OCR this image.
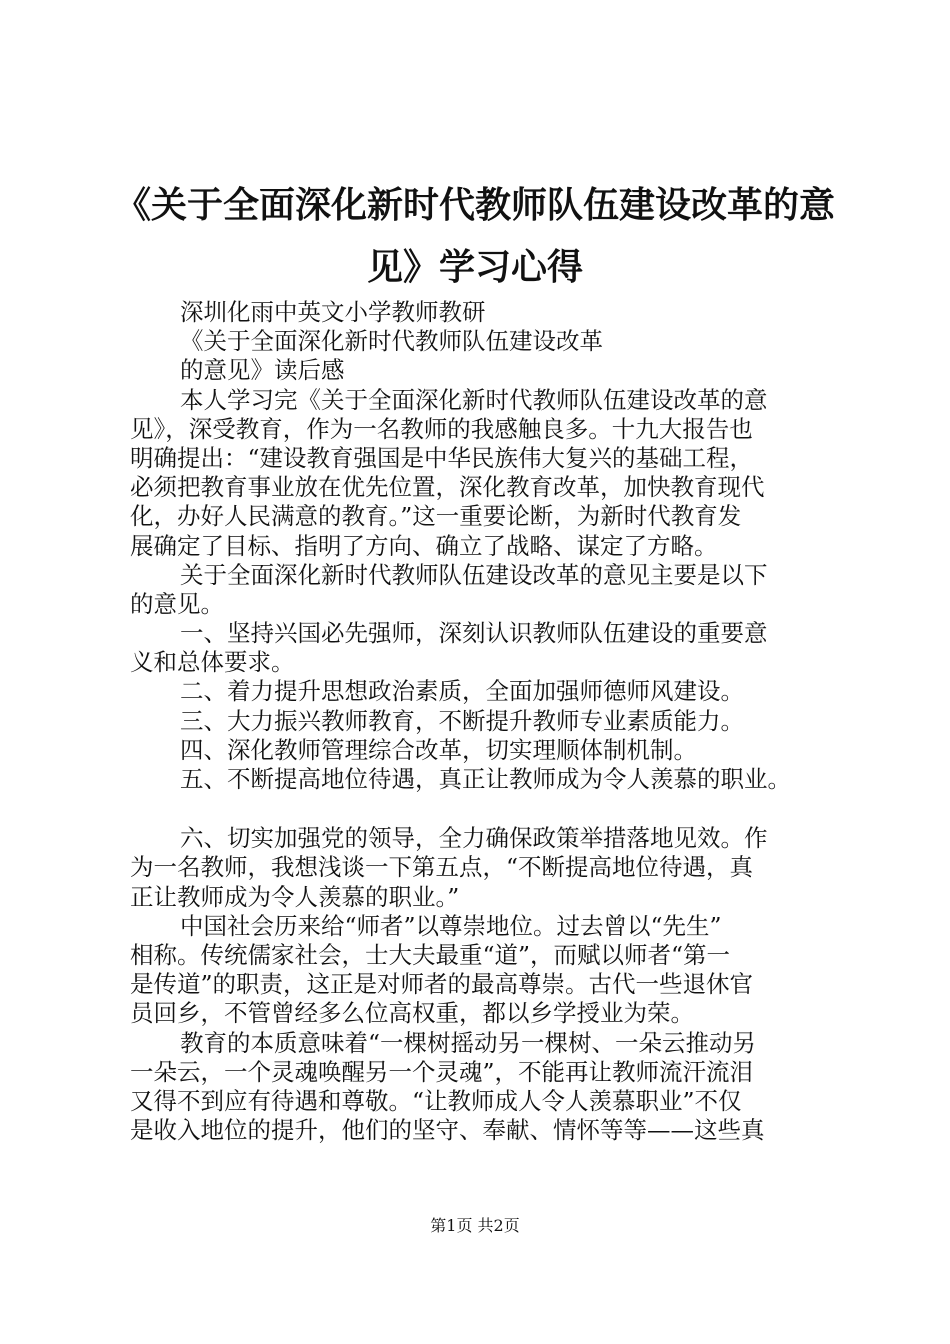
《关于全面深化新时代教师队伍建设改革的意
见》学习心得
深圳化雨中英文小学教师教研
《关于全面深化新时代教师队伍建设改革
的意见》读后感
本人学习完《关于全面深化新时代教师队伍建设改革的意
见》，深受教育，作为一名教师的我感触良多。十九大报告也
明确提出：“建设教育强国是中华民族伟大复兴的基础工程，
必须把教育事业放在优先位置，深化教育改革，加快教育现代
化，办好人民满意的教育。”这一重要论断，为新时代教育发
展确定了目标、指明了方向、确立了战略、谋定了方略。
关于全面深化新时代教师队伍建设改革的意见主要是以下
的意见。
一、坚持兴国必先强师，深刻认识教师队伍建设的重要意
义和总体要求。
二、着力提升思想政治素质，全面加强师德师风建设。
三、大力振兴教师教育，不断提升教师专业素质能力。
四、深化教师管理综合改革，切实理顺体制机制。
五、不断提高地位待遇，真正让教师成为令人羡慕的职业。
六、切实加强党的领导，全力确保政策举措落地见效。作
为一名教师，我想浅谈一下第五点，“不断提高地位待遇，真
正让教师成为令人羡慕的职业。”
中国社会历来给“师者”以尊崇地位。过去曾以“先生”
相称。传统儒家社会，士大夫最重“道”，而赋以师者“第一
是传道”的职责，这正是对师者的最高尊崇。古代一些退休官
员回乡，不管曾经多么位高权重，都以乡学授业为荣。
教育的本质意味着“一棵树摇动另一棵树、一朵云推动另
一朵云，一个灵魂唤醒另一个灵魂”，不能再让教师流汗流泪
又得不到应有待遇和尊敬。“让教师成人令人羡慕职业”不仅
是收入地位的提升，他们的坚守、奉献、情怀等等——这些真
第1页 共2页
